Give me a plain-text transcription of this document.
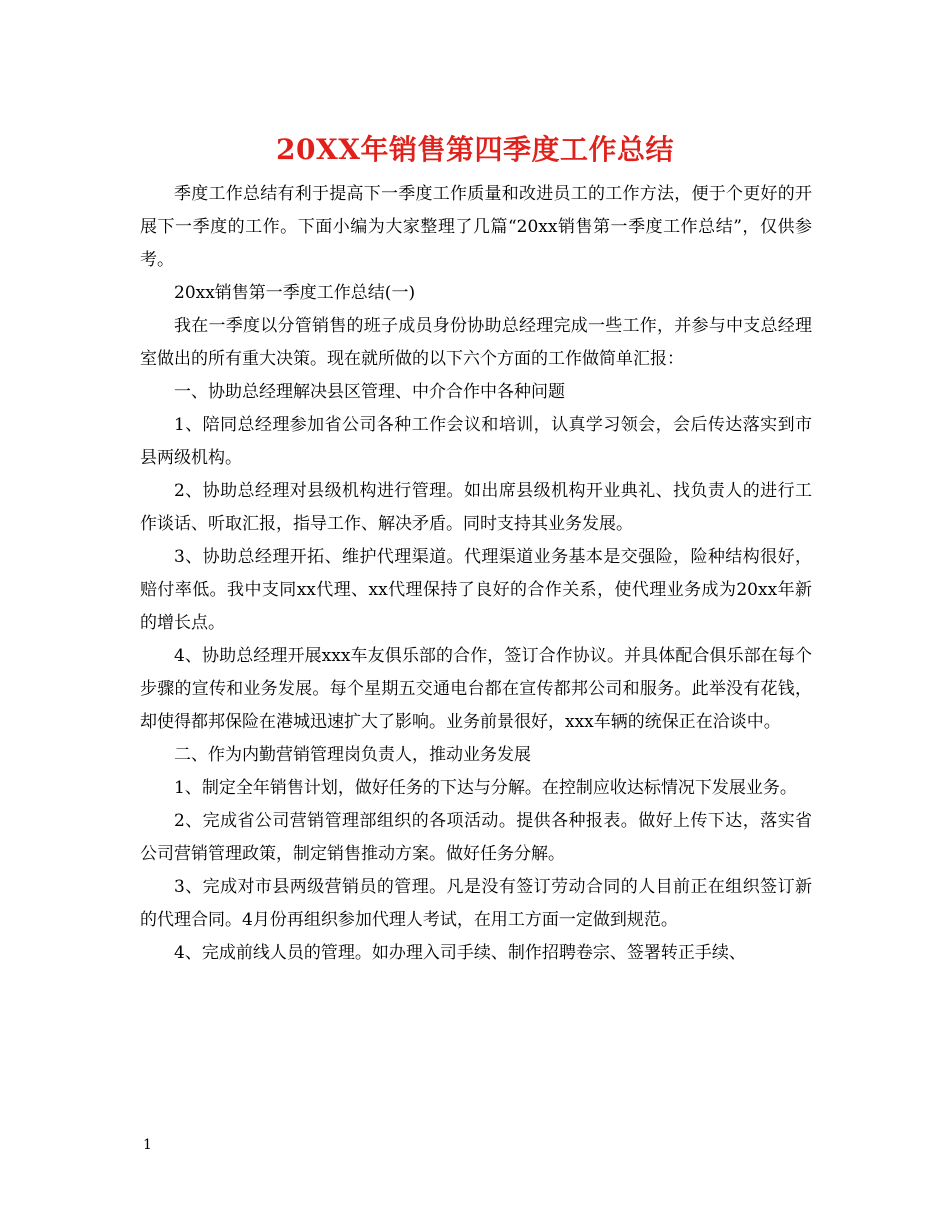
20XX年销售第四季度工作总结

季度工作总结有利于提高下一季度工作质量和改进员工的工作方法，便于个更好的开展下一季度的工作。下面小编为大家整理了几篇“20xx销售第一季度工作总结”，仅供参考。

20xx销售第一季度工作总结(一)

我在一季度以分管销售的班子成员身份协助总经理完成一些工作，并参与中支总经理室做出的所有重大决策。现在就所做的以下六个方面的工作做简单汇报：

一、协助总经理解决县区管理、中介合作中各种问题

1、陪同总经理参加省公司各种工作会议和培训，认真学习领会，会后传达落实到市县两级机构。

2、协助总经理对县级机构进行管理。如出席县级机构开业典礼、找负责人的进行工作谈话、听取汇报，指导工作、解决矛盾。同时支持其业务发展。

3、协助总经理开拓、维护代理渠道。代理渠道业务基本是交强险，险种结构很好，赔付率低。我中支同xx代理、xx代理保持了良好的合作关系，使代理业务成为20xx年新的增长点。

4、协助总经理开展xxx车友俱乐部的合作，签订合作协议。并具体配合俱乐部在每个步骤的宣传和业务发展。每个星期五交通电台都在宣传都邦公司和服务。此举没有花钱，却使得都邦保险在港城迅速扩大了影响。业务前景很好，xxx车辆的统保正在洽谈中。

二、作为内勤营销管理岗负责人，推动业务发展

1、制定全年销售计划，做好任务的下达与分解。在控制应收达标情况下发展业务。

2、完成省公司营销管理部组织的各项活动。提供各种报表。做好上传下达，落实省公司营销管理政策，制定销售推动方案。做好任务分解。

3、完成对市县两级营销员的管理。凡是没有签订劳动合同的人目前正在组织签订新的代理合同。4月份再组织参加代理人考试，在用工方面一定做到规范。

4、完成前线人员的管理。如办理入司手续、制作招聘卷宗、签署转正手续、

1
